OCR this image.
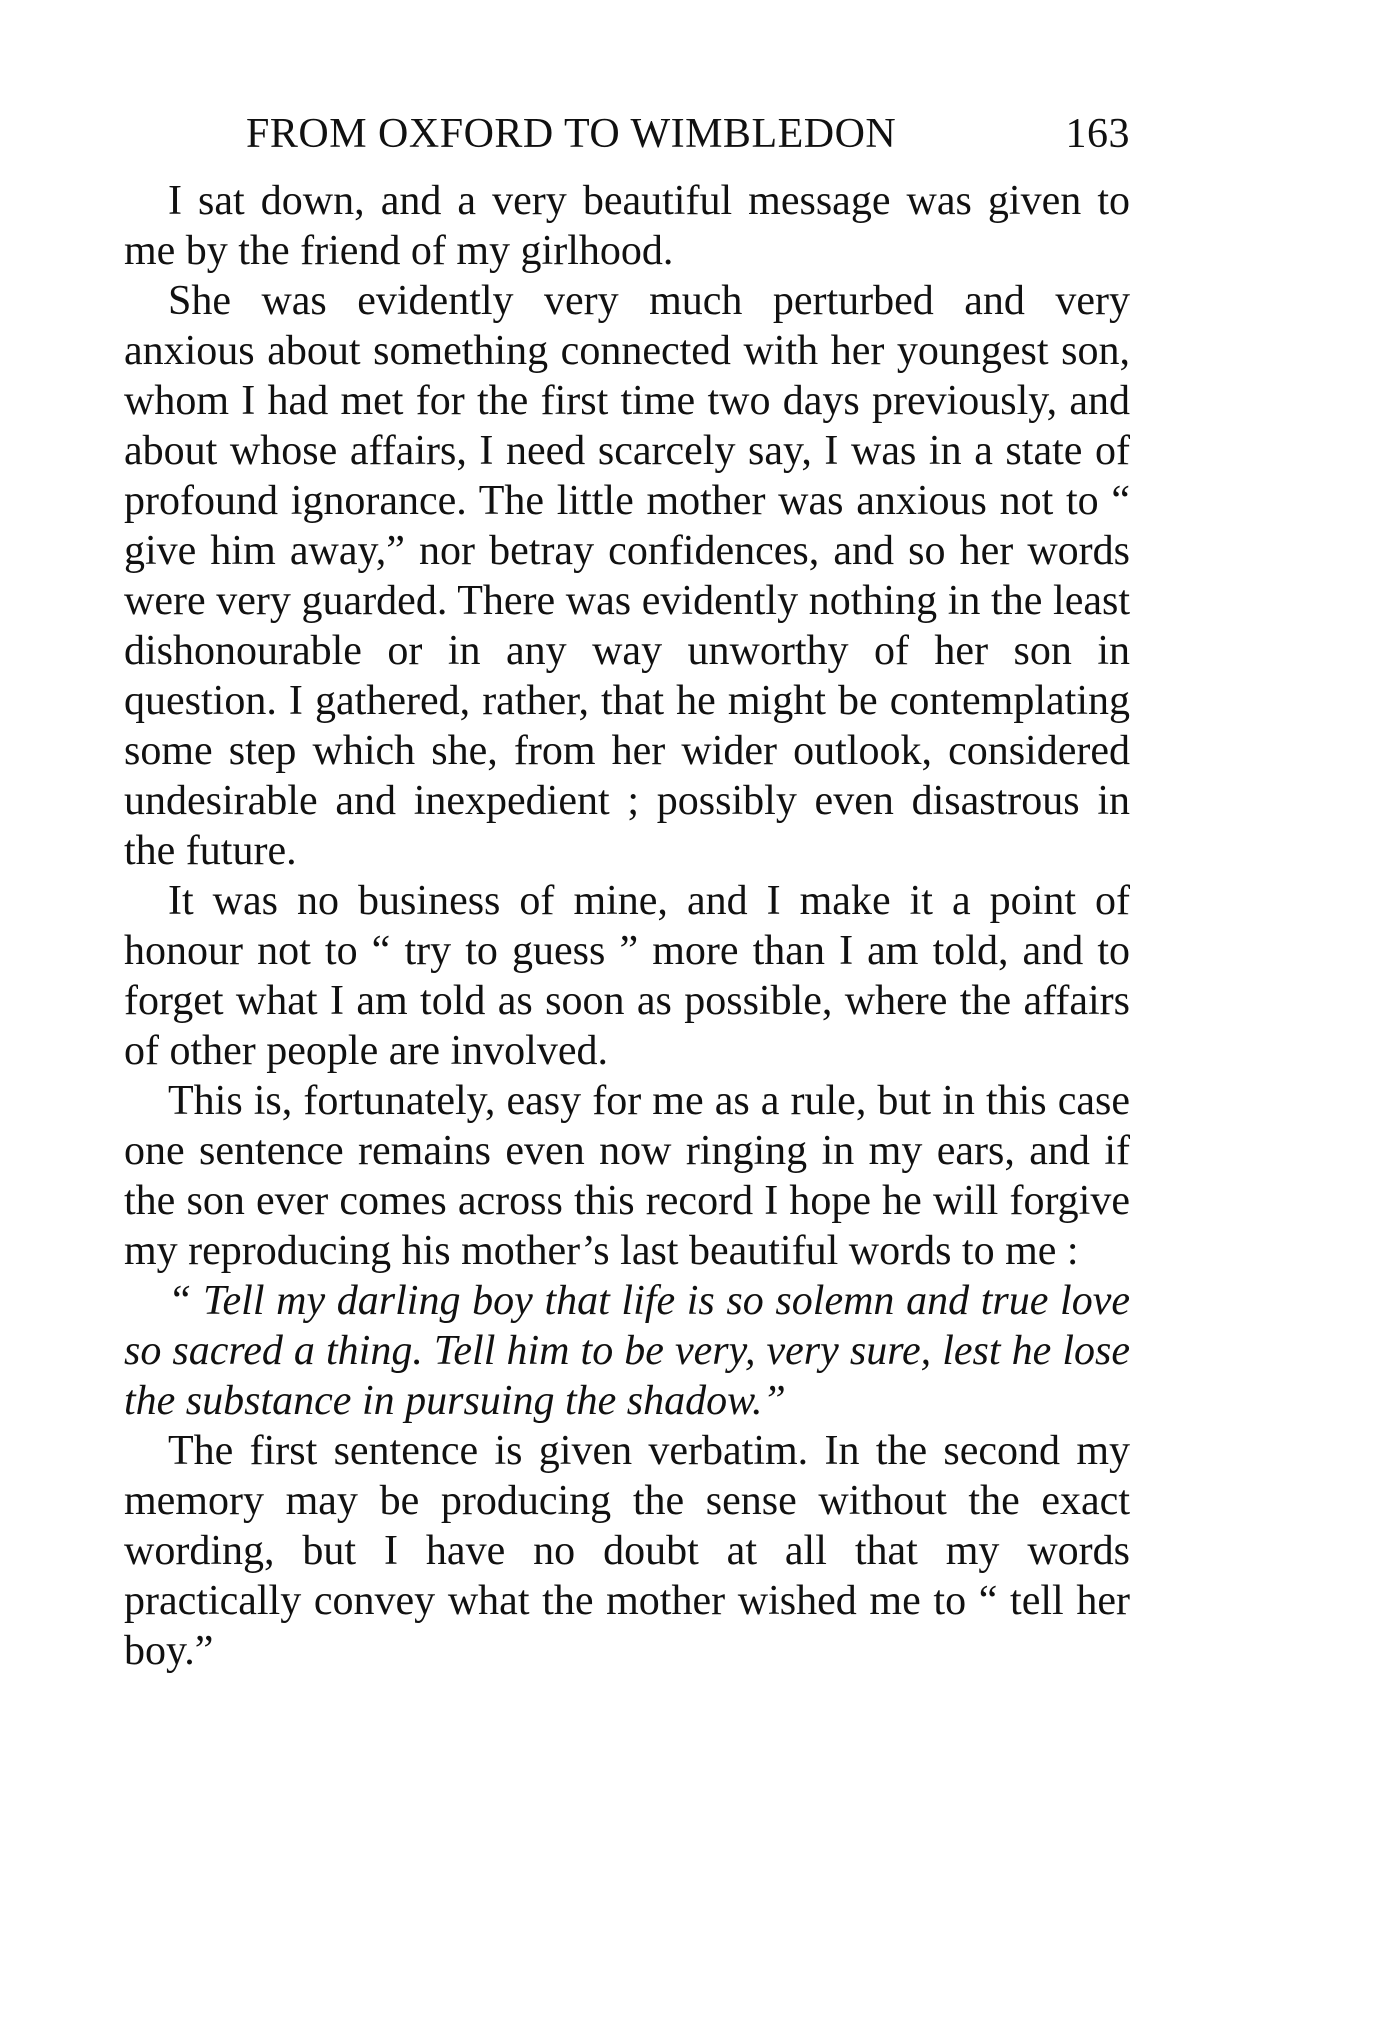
FROM OXFORD TO WIMBLEDON	163

I sat down, and a very beautiful message was given to me by the friend of my girlhood.

She was evidently very much perturbed and very anxious about something connected with her youngest son, whom I had met for the first time two days previously, and about whose affairs, I need scarcely say, I was in a state of profound ignorance. The little mother was anxious not to “ give him away,” nor betray confidences, and so her words were very guarded. There was evidently nothing in the least dishonourable or in any way unworthy of her son in question. I gathered, rather, that he might be contemplating some step which she, from her wider outlook, considered undesirable and inexpedient ; possibly even disastrous in the future.

It was no business of mine, and I make it a point of honour not to “ try to guess ” more than I am told, and to forget what I am told as soon as possible, where the affairs of other people are involved.

This is, fortunately, easy for me as a rule, but in this case one sentence remains even now ringing in my ears, and if the son ever comes across this record I hope he will forgive my reproducing his mother’s last beautiful words to me :

“ Tell my darling boy that life is so solemn and true love so sacred a thing. Tell him to be very, very sure, lest he lose the substance in pursuing the shadow.”

The first sentence is given verbatim. In the second my memory may be producing the sense without the exact wording, but I have no doubt at all that my words practically convey what the mother wished me to “ tell her boy.”
